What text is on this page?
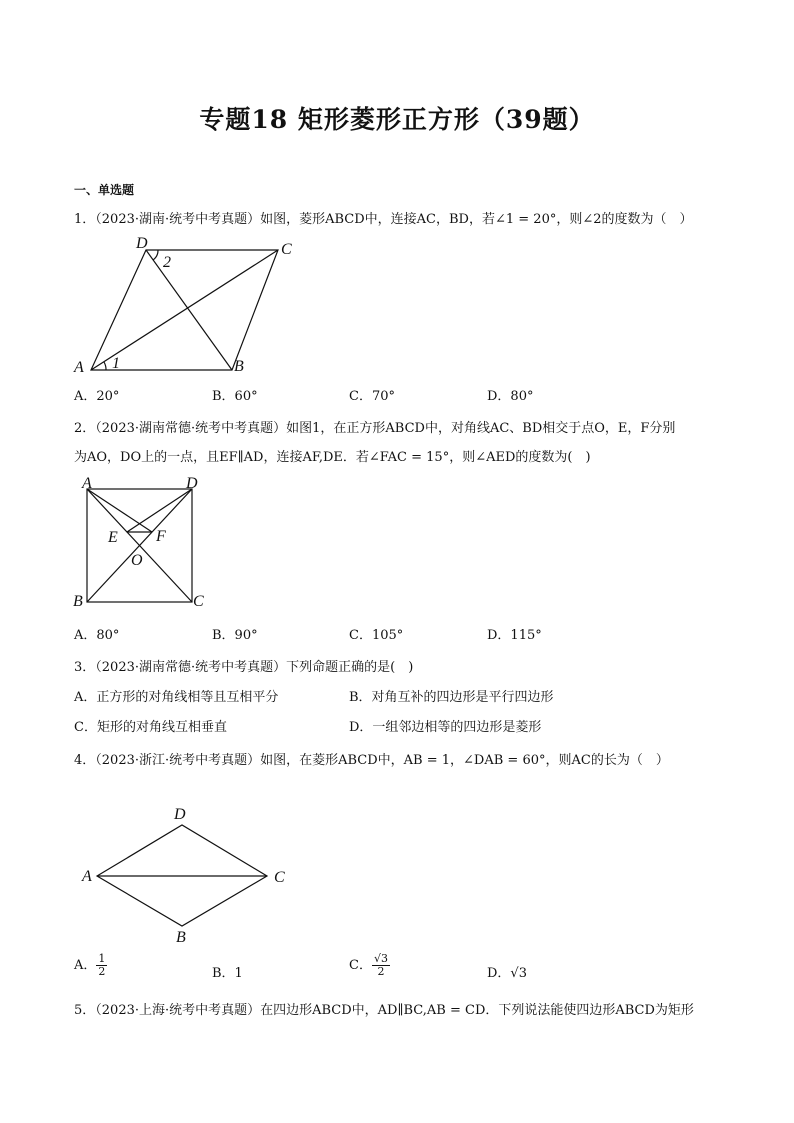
专题18 矩形菱形正方形（39题）
一、单选题
1．（2023·湖南·统考中考真题）如图，菱形ABCD中，连接AC，BD，若∠1 = 20°，则∠2的度数为（　）
A	B
C
D
1
2
A．20°	B．60°	C．70°	D．80°
2．（2023·湖南常德·统考中考真题）如图1，在正方形ABCD中，对角线AC、BD相交于点O，E，F分别
为AO，DO上的一点，且EF∥AD，连接AF,DE．若∠FAC = 15°，则∠AED的度数为(　)
A	D
B	C
E F
O
A．80°	B．90°	C．105°	D．115°
3．（2023·湖南常德·统考中考真题）下列命题正确的是(　)
A．正方形的对角线相等且互相平分	B．对角互补的四边形是平行四边形
C．矩形的对角线互相垂直	D．一组邻边相等的四边形是菱形
4．（2023·浙江·统考中考真题）如图，在菱形ABCD中，AB = 1，∠DAB = 60°，则AC的长为（　）
A
D
C
B
A． $\frac{1}{2}$	B．1
C． $\frac{√3}{2}$	D．√3
5．（2023·上海·统考中考真题）在四边形ABCD中，AD∥BC,AB = CD．下列说法能使四边形ABCD为矩形
